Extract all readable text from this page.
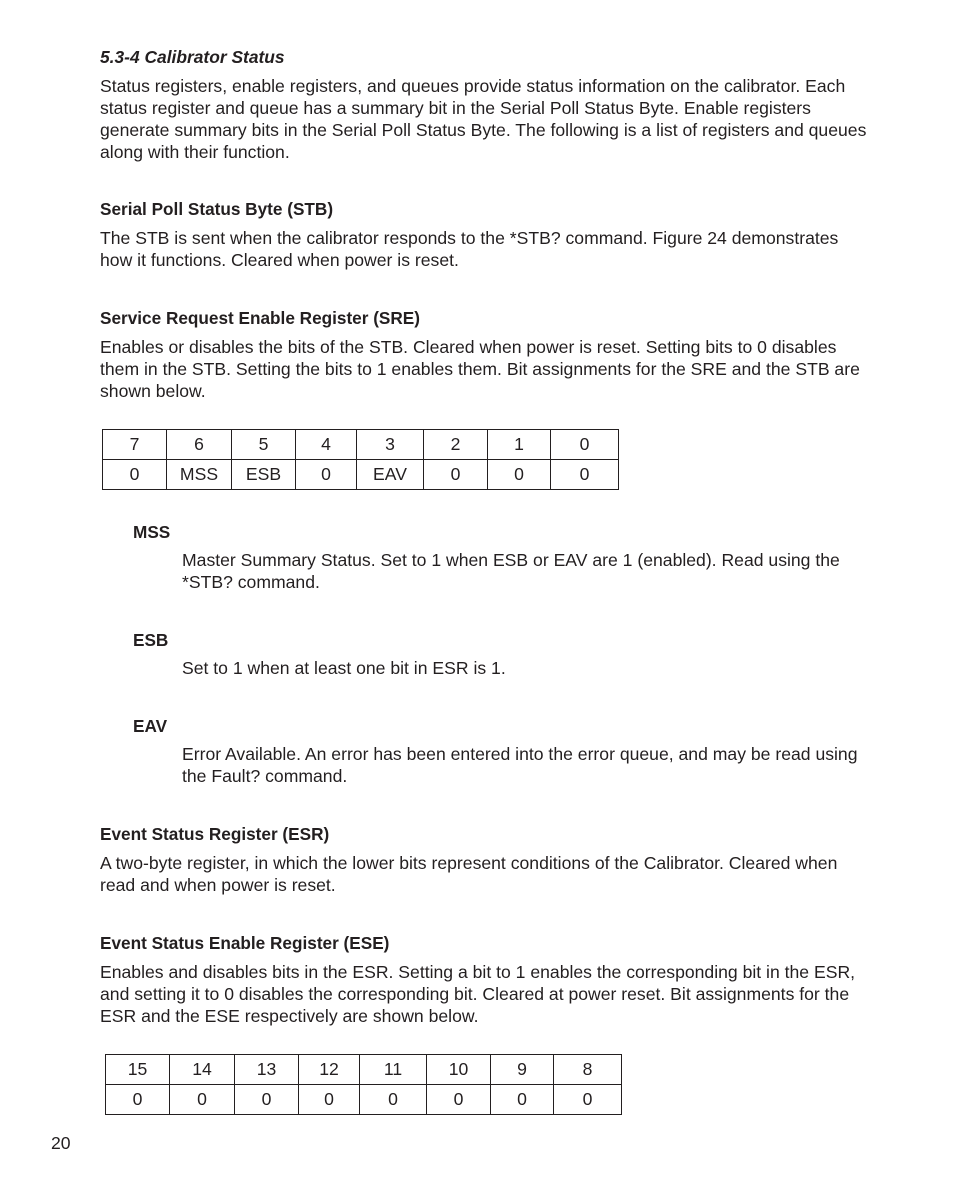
5.3-4 Calibrator Status

Status registers, enable registers, and queues provide status information on the calibrator. Each status register and queue has a summary bit in the Serial Poll Status Byte. Enable registers generate summary bits in the Serial Poll Status Byte. The following is a list of registers and queues along with their function.

Serial Poll Status Byte (STB)

The STB is sent when the calibrator responds to the *STB? command. Figure 24 demonstrates how it functions. Cleared when power is reset.

Service Request Enable Register (SRE)

Enables or disables the bits of the STB. Cleared when power is reset. Setting bits to 0 disables them in the STB. Setting the bits to 1 enables them. Bit assignments for the SRE and the STB are shown below.

7	6	5	4	3	2	1	0
0	MSS	ESB	0	EAV	0	0	0

MSS

Master Summary Status. Set to 1 when ESB or EAV are 1 (enabled). Read using the *STB? command.

ESB

Set to 1 when at least one bit in ESR is 1.

EAV

Error Available. An error has been entered into the error queue, and may be read using the Fault? command.

Event Status Register (ESR)

A two-byte register, in which the lower bits represent conditions of the Calibrator. Cleared when read and when power is reset.

Event Status Enable Register (ESE)

Enables and disables bits in the ESR. Setting a bit to 1 enables the corresponding bit in the ESR, and setting it to 0 disables the corresponding bit. Cleared at power reset. Bit assignments for the ESR and the ESE respectively are shown below.

15	14	13	12	11	10	9	8
0	0	0	0	0	0	0	0
20
